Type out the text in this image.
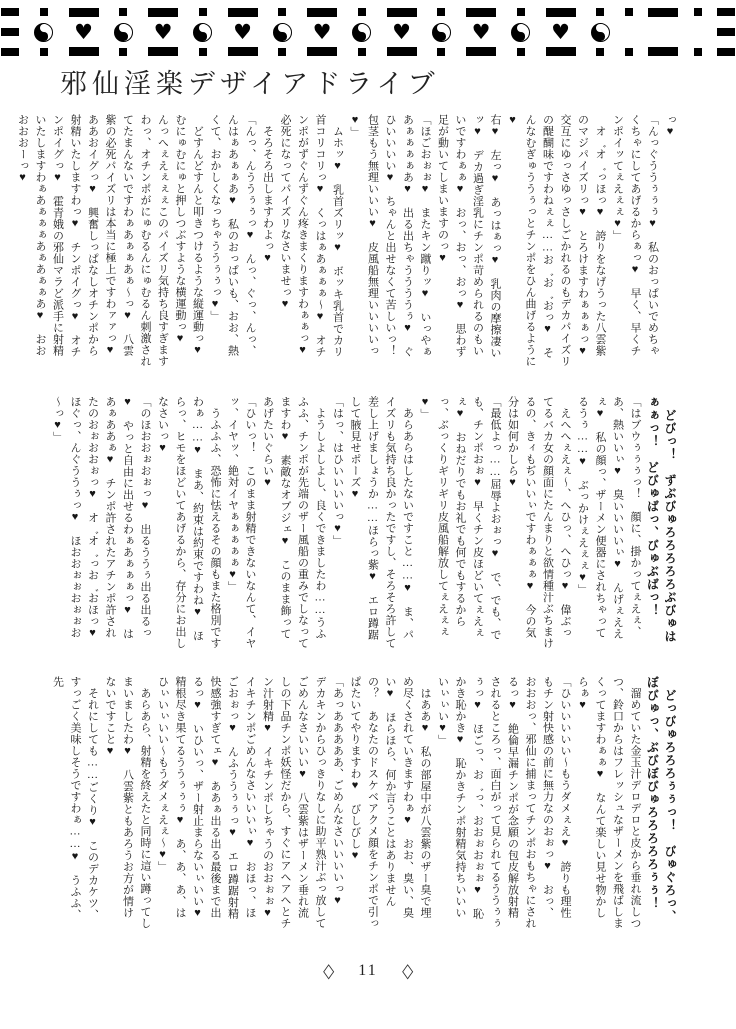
♥	♥	♥	♥	♥	♥	♥
邪仙淫楽デザイアドライブ

っ♥

「んっぐううぅぅぅ♥　私のおっぱいでめちゃくちゃにしてあげるからぁっ♥　早く、早くチンポイッてぇえぇぇ♥」

　オ゛オ゛っほっ♥　誇りをなげうった八雲紫のマジパイズリっ♥　とろけますわぁぁぁっ♥　交互にゆっさゆっさしごかれるのもデカパイズリの醍醐味ですわねぇぇ……お゛お゛おっ♥　そんなむぎゅううぅっとチンポをひん曲げるように♥

右♥　左っ♥　あっはぁっ♥　乳肉の摩擦凄いッ♥　デカ過ぎ淫乳にチンポ苛められるのもいいですわぁぁ♥　おっ、おっ、おっ♥　思わず足が動いてしまいますのっ♥

「ほごおぉぉ♥　またキン蹴りッ♥　いっやぁあぁぁぁぁあ♥　出る出ちゃううううぅ♥　ぐひいいいい♥　ちゃんと出せなくて苦しいっ！　包茎もう無理いいい♥　皮風船無理いいいいっ♥」

　ムホッ♥　乳首ズリッ♥　ボッキ乳首でカリ首コリコリっ♥　くっはぁあぁぁぁ～♥　オチンポがずぐんずぐん疼きまくりますわぁぁっ♥　必死になってパイズリなさいませっ♥

　そろそろ出しますわよっ♥

「んっ、んううぅぅっ♥　んっ、ぐっ、んっ、んはぁあぁぁあ♥　私のおっぱいも、おお、熱くて、おかしくなっちゃううぅぅっ♥」

　どすんどすんと叩きつけるような縦運動っ♥　むにゅむにゅと押しつぶすような横運動っ♥　んっへぇえぇぇぇこのパイズリ気持ち良すぎますわっ、オチンポがにゅむるんにゅむるん刺激されてたまんないですわぁあぁぁあぁ～っ♥　八雲紫の必死パイズリは本当に極上ですわァァっ♥　ああおイグっ♥　興奮しっぱなしオチンポから射精いたしますわっ♥　チンポイグっ♥　オチンポイグっ♥　霍青娥の邪仙マラど派手に射精いたしますわぁあぁぁぁあぁあぁぁあ♥　おおおおおーっ♥

　どびっ！　ずぶびゅろろろろろぶびゅはぁぁっ！　どびゅばっ、びゅぶばっ！

「はブウぅぅぅっ！　顔に、掛かってぇえぇ、あ、熱いいぃ♥　臭いいいいぃ♥　んげぇええぇ♥　私の顔っ、ザーメン便器にされちゃってるうぅ……♥　ぶっかけぇえぇぇ♥」

　えへへぇえぇ～、へひっ、へひっ♥　偉ぶってるバカ女の顔面にたんまりと欲情種汁ぶちまけるの、きィもぢいいぃですわぁぁぁ♥　今の気分は如何かしら♥

「最低よっ……屈辱よおぉっ♥　で、でも、でも、チンポおぉ♥　早くチン皮ほどいてぇえぇぇ♥　おねだりでもお礼でも何でもするからっ、ぶっくりギリギリ皮風船解放してぇえぇぇ♥」

　あらあらはしたないですこと……♥　ま、パイズリも気持ち良かったですし、そろそろ許して差し上げましょうか……ほらっ紫♥　エロ蹲踞して腋見せポーズ♥

「はっ、はひいいいいっ♥」

　ようしよしよし、良くできましたわ……うふふふ、チンポが先端のザー風船の重みでしなってますわ♥　素敵なオブジェ♥　このまま飾ってあげたいぐらい♥

「ひいっ！　このまま射精できないなんて、イヤッ、イヤッ、絶対イヤぁぁぁぁぁ♥」

　うふふふ、恐怖に怯えるその顔もまた格別ですわぁ……♥　まあ、約束は約束ですわね♥　ほらっ、ヒモをほどいてあげるから、存分にお出しなさいっ♥

「のほおおぉおぉっ♥　出るううぅ出る出るっ♥　やっと自由に出せるわぁあぁぁぁっ♥　はあぁああぁ♥　チンポ許されたアチンポ許されたのおぉおおぉっ♥　オ゛オ゛っお゛おほっ♥　ほぐっ、んぐううぅっ♥　ほおおぉぉおぉぉお～っ♥」

　どっびゅろろろぅぅっ！　びゅぐろっ、ぼびゅっ、ぶびぼびゅろろろろろぅぅ！

　溜めていた金玉汁デロデロと皮から垂れ流しつつ、鈴口からはフレッシュなザーメンを飛ばしまくってますわぁぁ♥　なんて楽しい見せ物かしらぁ♥

「ひいいいいい～もうダメぇえ♥　誇りも理性もチン射快感の前に無力なのおぉっ♥　おっ、おおおっ、邪仙に捕まってチンポおもちゃにされるっ♥　絶倫早漏チンポが念願の包皮解放射精されるところっ、面白がって見られてるううぅぅぅっ♥　ほごっ、お゛っ、おおぉおぉぉ♥　恥かき恥かき♥　恥かきチンポ射精気持ちいいいいぃぃい♥」

　はああ♥　私の部屋中が八雲紫のザー臭で埋め尽くされていきますわぁ♥　おお、臭い、臭い♥　ほらほら、何か言うことはありませんの？　あなたのドスケベアクメ顔をチンポで引っぱたいてやりますわ♥　びしびし♥

「あっあああああ、ごめんなさいいいいっ♥　デカキンからひっきりなしに助平熟汁ぶっ放してごめんなさいいい♥　八雲紫はザーメン垂れ流しの下品チンポ妖怪だから、すぐにアヘアヘとチン汁射精♥　イキチンポしちゃうのおおぉぉ♥　イキチンポごめんなさいいいぃ♥　おほっ、ほごおぉっ♥　んふううぅぅっ♥　エロ蹲踞射精快感強すぎてェ♥　ああぁ出る出る最後まで出るっ♥　いひいっ、ザー射止まらないぃいい♥　精根尽き果てるううぅぅぅ♥　あ、あ、あ、はひぃいぃいい～もうダメぇえぇ～♥」

　あらあら、射精を終えたと同時に這い蹲ってしまいましたわ♥　八雲紫ともあろうお方が情けないですこと♥

　それにしても……ごくり♥　このデカケツ、すっごく美味しそうですわぁ……♥　うふふ、先

◇ 11 ◇
